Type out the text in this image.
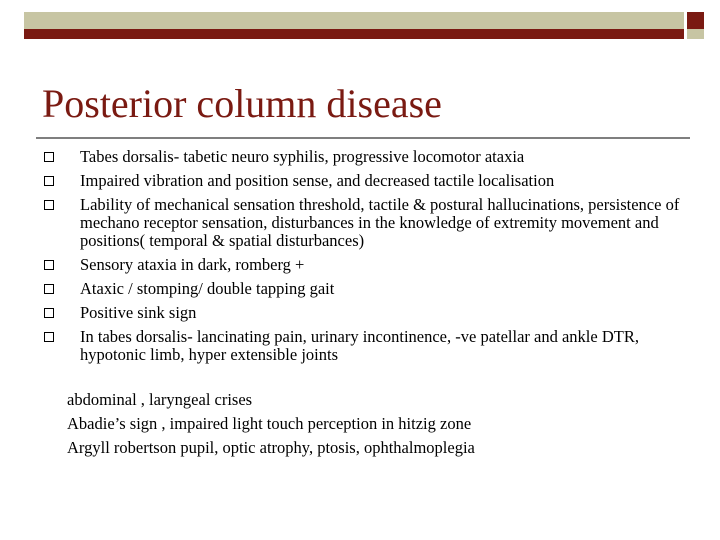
Posterior column disease
Tabes dorsalis- tabetic neuro syphilis, progressive locomotor ataxia
Impaired vibration and position sense, and decreased tactile localisation
Lability of mechanical sensation threshold, tactile & postural hallucinations, persistence of mechano receptor sensation, disturbances in the knowledge of extremity movement and positions( temporal & spatial disturbances)
Sensory ataxia in dark, romberg +
Ataxic / stomping/ double tapping gait
Positive sink sign
In tabes dorsalis- lancinating pain, urinary incontinence, -ve patellar and ankle DTR, hypotonic limb, hyper extensible joints
abdominal , laryngeal crises
Abadie’s sign , impaired light touch perception in hitzig zone
Argyll robertson pupil, optic atrophy, ptosis, ophthalmoplegia
